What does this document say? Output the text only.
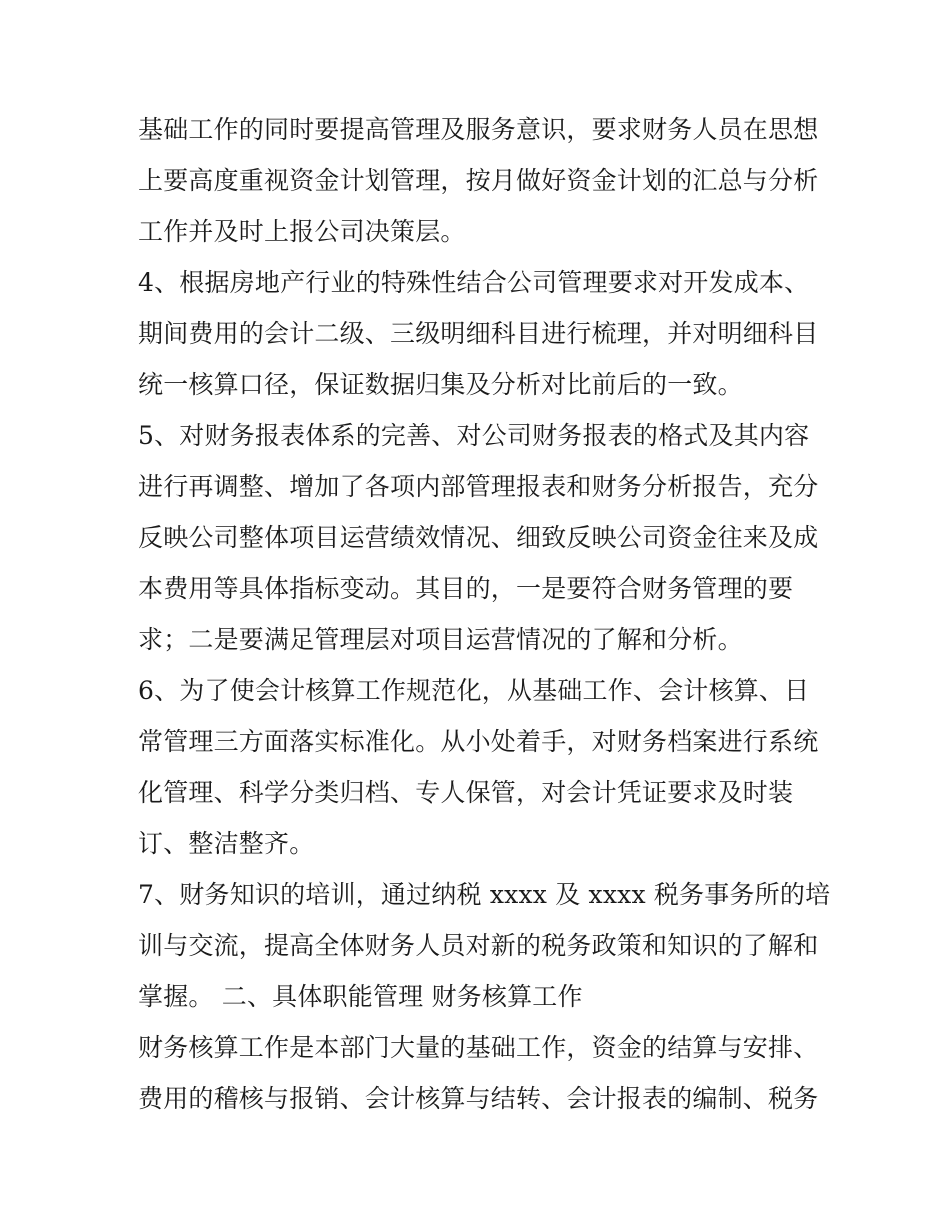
基础工作的同时要提高管理及服务意识，要求财务人员在思想
上要高度重视资金计划管理，按月做好资金计划的汇总与分析
工作并及时上报公司决策层。
4、根据房地产行业的特殊性结合公司管理要求对开发成本、
期间费用的会计二级、三级明细科目进行梳理，并对明细科目
统一核算口径，保证数据归集及分析对比前后的一致。
5、对财务报表体系的完善、对公司财务报表的格式及其内容
进行再调整、增加了各项内部管理报表和财务分析报告，充分
反映公司整体项目运营绩效情况、细致反映公司资金往来及成
本费用等具体指标变动。其目的，一是要符合财务管理的要
求；二是要满足管理层对项目运营情况的了解和分析。
6、为了使会计核算工作规范化，从基础工作、会计核算、日
常管理三方面落实标准化。从小处着手，对财务档案进行系统
化管理、科学分类归档、专人保管，对会计凭证要求及时装
订、整洁整齐。
7、财务知识的培训，通过纳税 xxxx 及 xxxx 税务事务所的培
训与交流，提高全体财务人员对新的税务政策和知识的了解和
掌握。 二、具体职能管理 财务核算工作
财务核算工作是本部门大量的基础工作，资金的结算与安排、
费用的稽核与报销、会计核算与结转、会计报表的编制、税务
